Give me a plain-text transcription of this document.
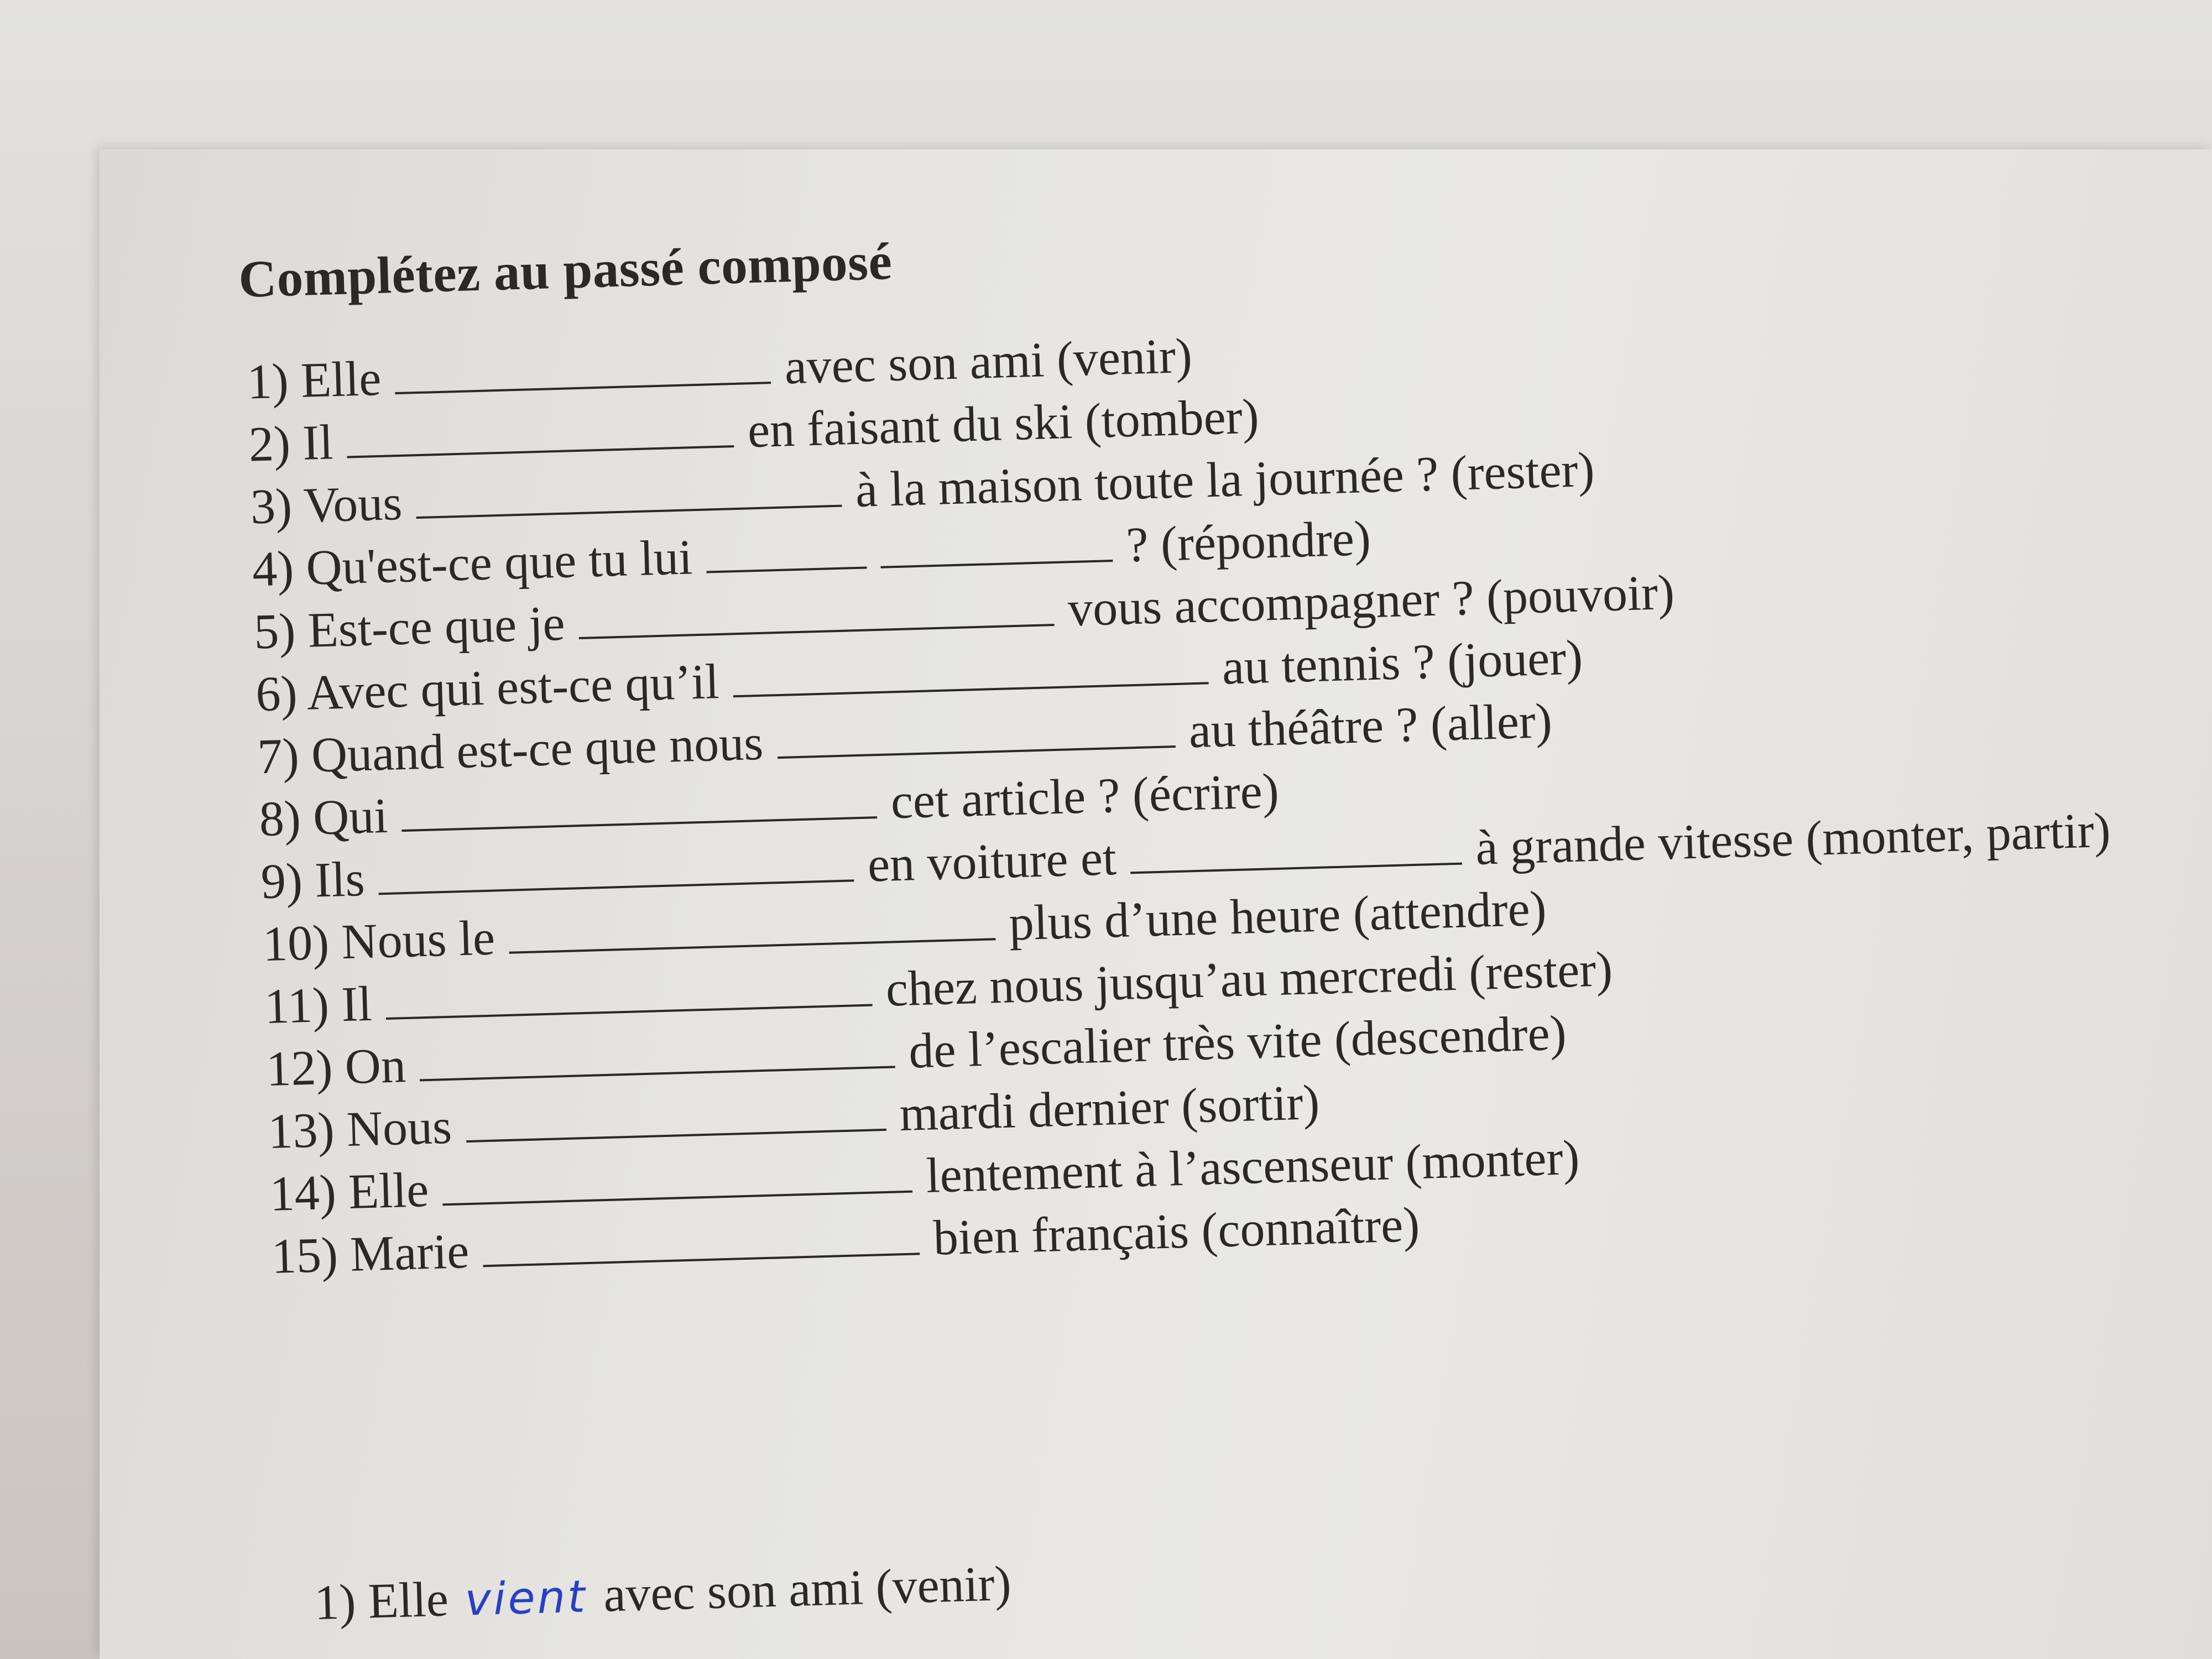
Complétez au passé composé
1) Elle	avec son ami (venir)
2) Il	en faisant du ski (tomber)
3) Vous	à la maison toute la journée ? (rester)
4) Qu'est-ce que tu lui	? (répondre)
5) Est-ce que je	vous accompagner ? (pouvoir)
6) Avec qui est-ce qu’il	au tennis ? (jouer)
7) Quand est-ce que nous	au théâtre ? (aller)
8) Qui	cet article ? (écrire)
9) Ils	en voiture et	à grande vitesse (monter, partir)
10) Nous le	plus d’une heure (attendre)
11) Il	chez nous jusqu’au mercredi (rester)
12) On	de l’escalier très vite (descendre)
13) Nous	mardi dernier (sortir)
14) Elle	lentement à l’ascenseur (monter)
15) Marie	bien français (connaître)
1) Elle vient avec son ami (venir)
